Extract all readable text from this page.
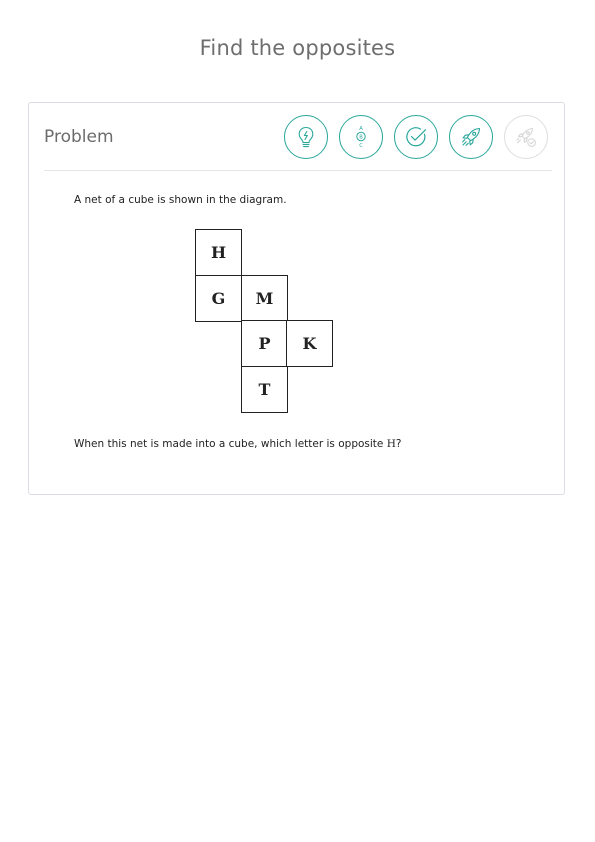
Find the opposites
Problem	A
B
C
A net of a cube is shown in the diagram.
H
G	M
P	K
T
When this net is made into a cube, which letter is opposite H?
